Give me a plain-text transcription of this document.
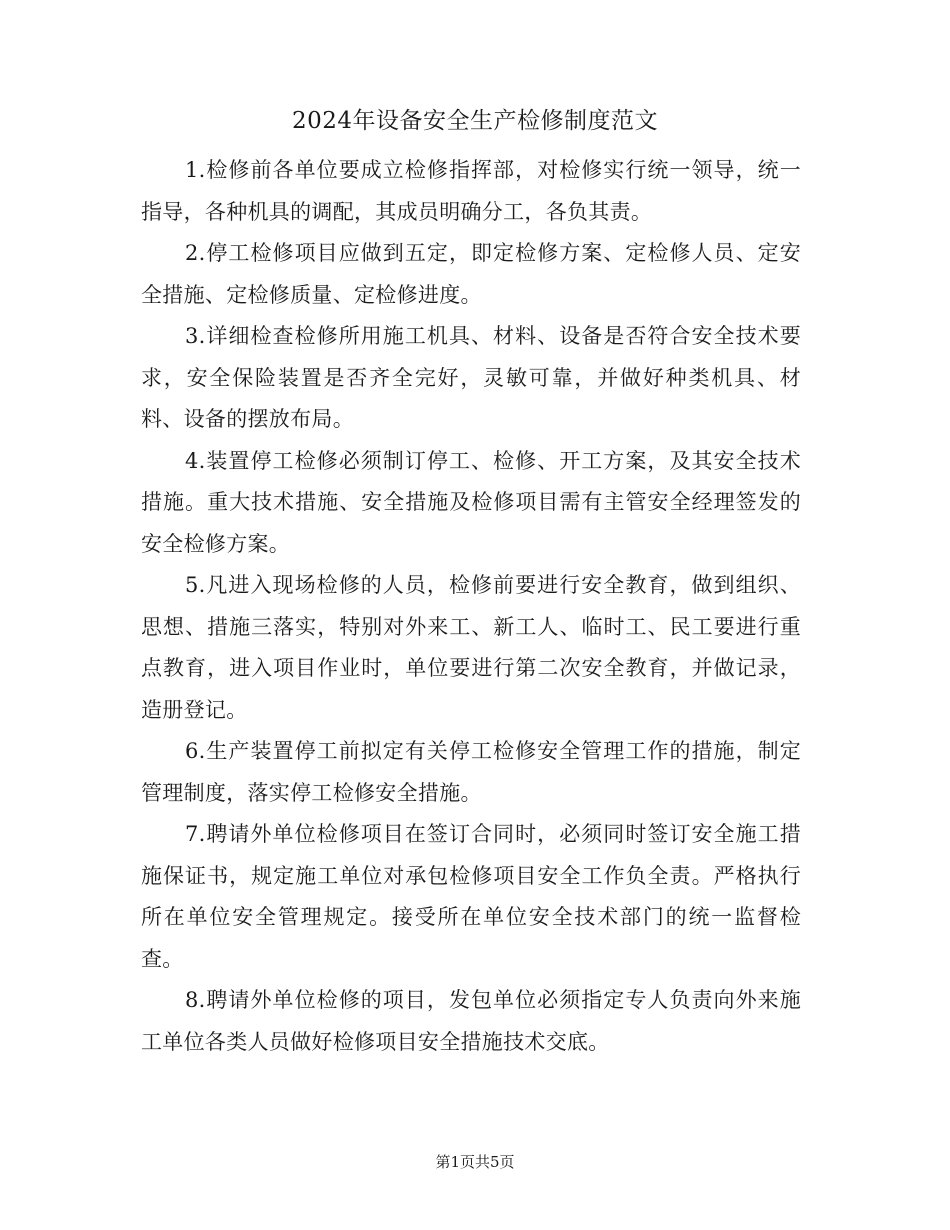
2024年设备安全生产检修制度范文

1.检修前各单位要成立检修指挥部，对检修实行统一领导，统一指导，各种机具的调配，其成员明确分工，各负其责。

2.停工检修项目应做到五定，即定检修方案、定检修人员、定安全措施、定检修质量、定检修进度。

3.详细检查检修所用施工机具、材料、设备是否符合安全技术要求，安全保险装置是否齐全完好，灵敏可靠，并做好种类机具、材料、设备的摆放布局。

4.装置停工检修必须制订停工、检修、开工方案，及其安全技术措施。重大技术措施、安全措施及检修项目需有主管安全经理签发的安全检修方案。

5.凡进入现场检修的人员，检修前要进行安全教育，做到组织、思想、措施三落实，特别对外来工、新工人、临时工、民工要进行重点教育，进入项目作业时，单位要进行第二次安全教育，并做记录，造册登记。

6.生产装置停工前拟定有关停工检修安全管理工作的措施，制定管理制度，落实停工检修安全措施。

7.聘请外单位检修项目在签订合同时，必须同时签订安全施工措施保证书，规定施工单位对承包检修项目安全工作负全责。严格执行所在单位安全管理规定。接受所在单位安全技术部门的统一监督检查。

8.聘请外单位检修的项目，发包单位必须指定专人负责向外来施工单位各类人员做好检修项目安全措施技术交底。

第1页共5页
